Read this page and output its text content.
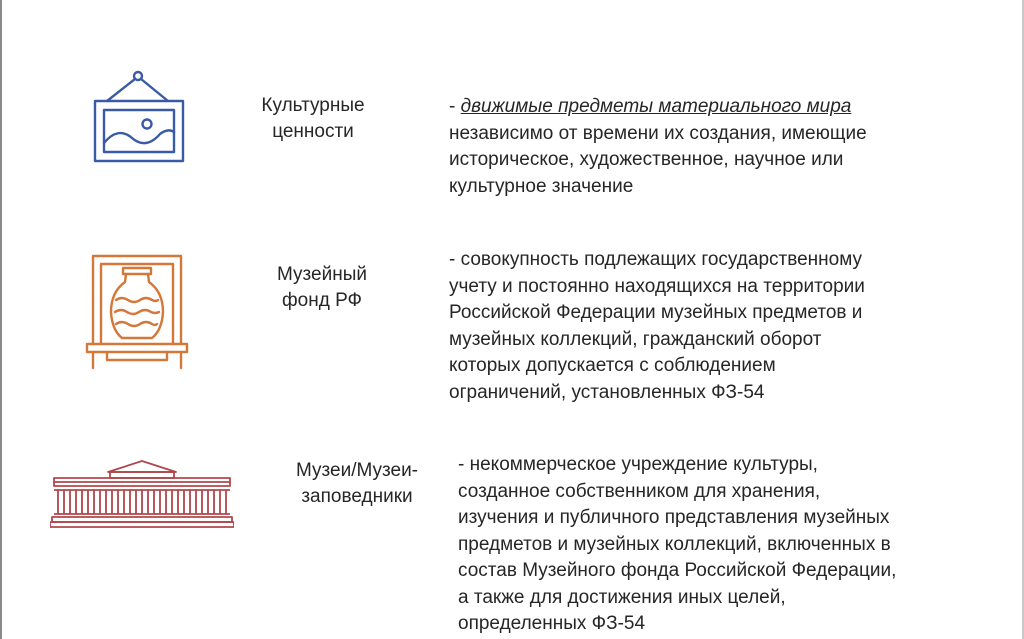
Культурные
ценности
Музейный
фонд РФ
Музеи/Музеи-
заповедники
- движимые предметы материального мира
независимо от времени их создания, имеющие
историческое, художественное, научное или
культурное значение
- совокупность подлежащих государственному
учету и постоянно находящихся на территории
Российской Федерации музейных предметов и
музейных коллекций, гражданский оборот
которых допускается с соблюдением
ограничений, установленных ФЗ-54
- некоммерческое учреждение культуры,
созданное собственником для хранения,
изучения и публичного представления музейных
предметов и музейных коллекций, включенных в
состав Музейного фонда Российской Федерации,
а также для достижения иных целей,
определенных ФЗ-54
